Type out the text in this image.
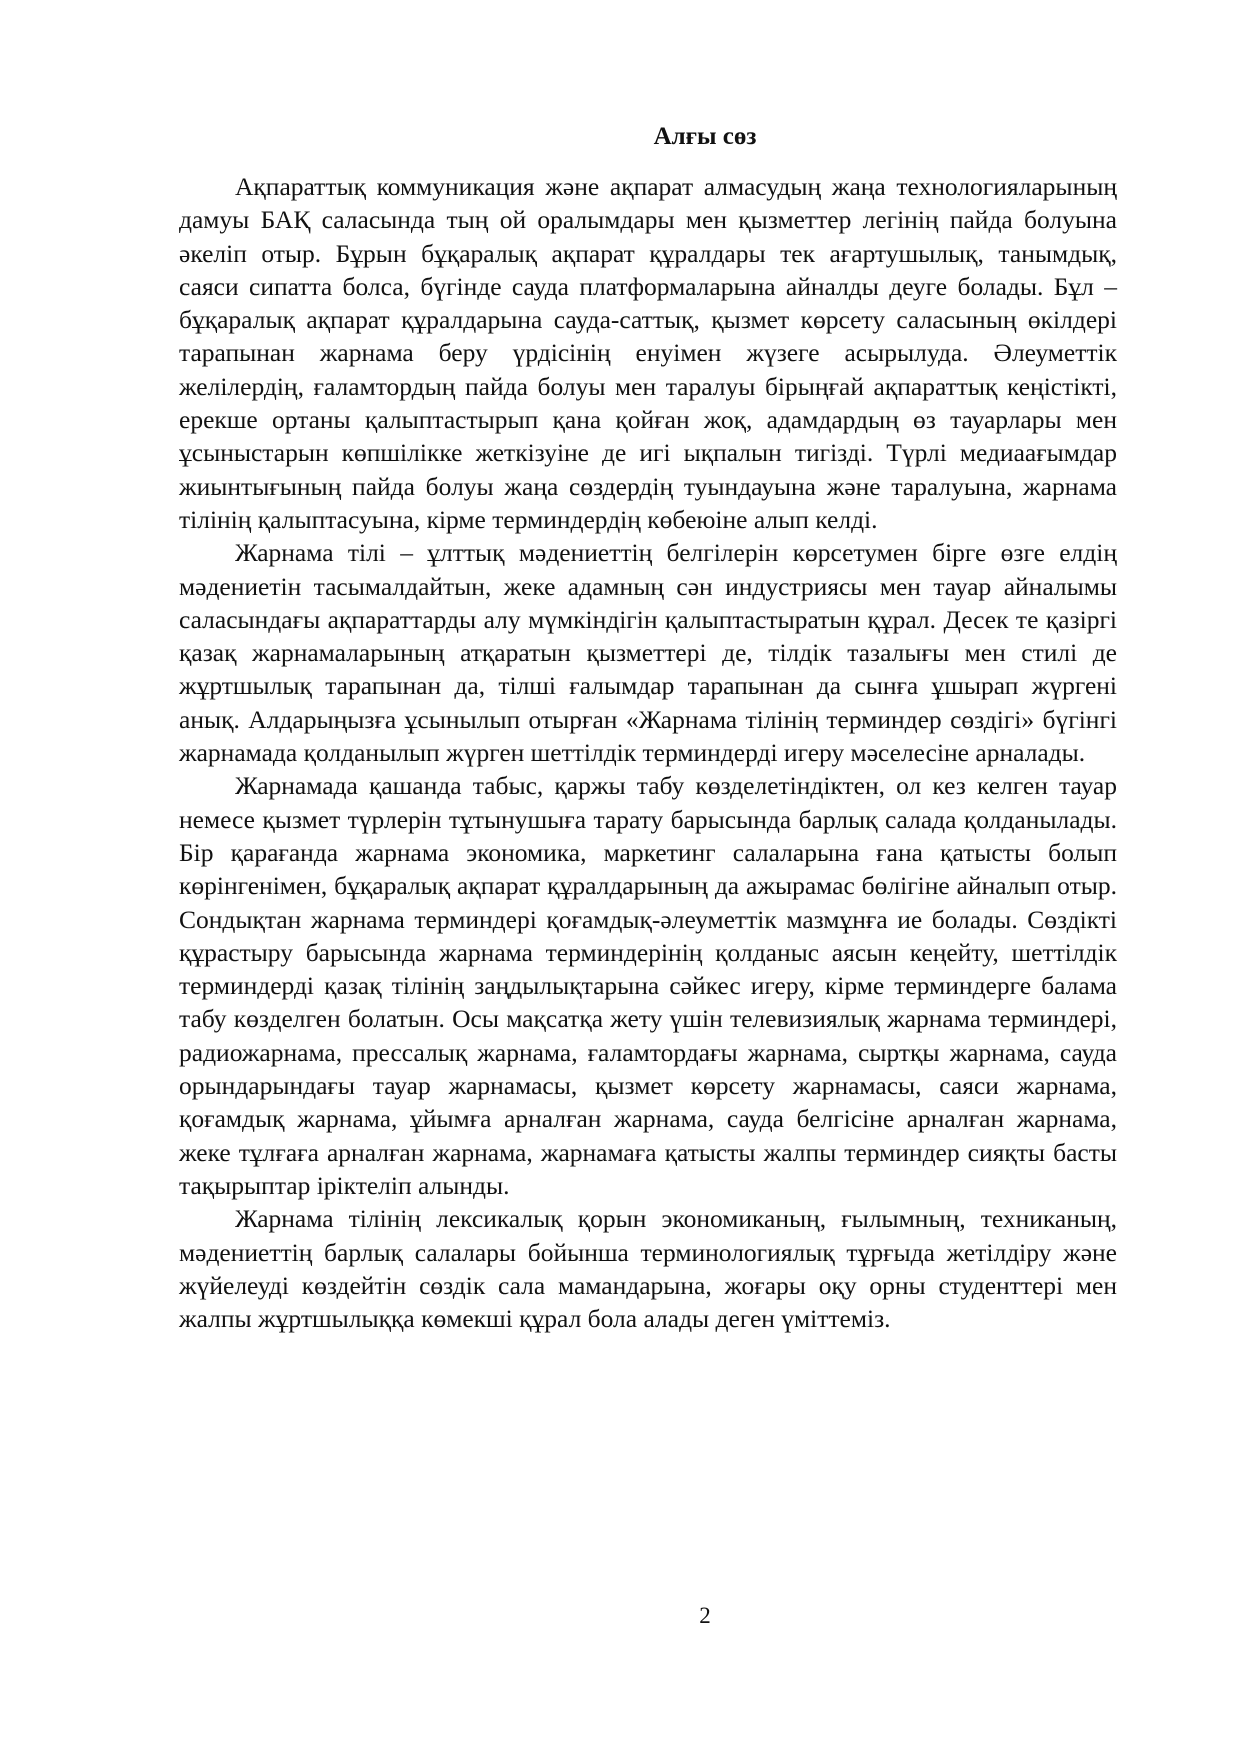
Алғы сөз

Ақпараттық коммуникация және ақпарат алмасудың жаңа технологияларының дамуы БАҚ саласында тың ой оралымдары мен қызметтер легінің пайда болуына әкеліп отыр. Бұрын бұқаралық ақпарат құралдары тек ағартушылық, танымдық, саяси сипатта болса, бүгінде сауда платформаларына айналды деуге болады. Бұл – бұқаралық ақпарат құралдарына сауда-саттық, қызмет көрсету саласының өкілдері тарапынан жарнама беру үрдісінің енуімен жүзеге асырылуда. Әлеуметтік желілердің, ғаламтордың пайда болуы мен таралуы бірыңғай ақпараттық кеңістікті, ерекше ортаны қалыптастырып қана қойған жоқ, адамдардың өз тауарлары мен ұсыныстарын көпшілікке жеткізуіне де игі ықпалын тигізді. Түрлі медиаағымдар жиынтығының пайда болуы жаңа сөздердің туындауына және таралуына, жарнама тілінің қалыптасуына, кірме терминдердің көбеюіне алып келді.

Жарнама тілі – ұлттық мәдениеттің белгілерін көрсетумен бірге өзге елдің мәдениетін тасымалдайтын, жеке адамның сән индустриясы мен тауар айналымы саласындағы ақпараттарды алу мүмкіндігін қалыптастыратын құрал. Десек те қазіргі қазақ жарнамаларының атқаратын қызметтері де, тілдік тазалығы мен стилі де жұртшылық тарапынан да, тілші ғалымдар тарапынан да сынға ұшырап жүргені анық. Алдарыңызға ұсынылып отырған «Жарнама тілінің терминдер сөздігі» бүгінгі жарнамада қолданылып жүрген шеттілдік терминдерді игеру мәселесіне арналады.

Жарнамада қашанда табыс, қаржы табу көзделетіндіктен, ол кез келген тауар немесе қызмет түрлерін тұтынушыға тарату барысында барлық салада қолданылады. Бір қарағанда жарнама экономика, маркетинг салаларына ғана қатысты болып көрінгенімен, бұқаралық ақпарат құралдарының да ажырамас бөлігіне айналып отыр. Сондықтан жарнама терминдері қоғамдық-әлеуметтік мазмұнға ие болады. Сөздікті құрастыру барысында жарнама терминдерінің қолданыс аясын кеңейту, шеттілдік терминдерді қазақ тілінің заңдылықтарына сәйкес игеру, кірме терминдерге балама табу көзделген болатын. Осы мақсатқа жету үшін телевизиялық жарнама терминдері, радиожарнама, прессалық жарнама, ғаламтордағы жарнама, сыртқы жарнама, сауда орындарындағы тауар жарнамасы, қызмет көрсету жарнамасы, саяси жарнама, қоғамдық жарнама, ұйымға арналған жарнама, сауда белгісіне арналған жарнама, жеке тұлғаға арналған жарнама, жарнамаға қатысты жалпы терминдер сияқты басты тақырыптар іріктеліп алынды.

Жарнама тілінің лексикалық қорын экономиканың, ғылымның, техниканың, мәдениеттің барлық салалары бойынша терминологиялық тұрғыда жетілдіру және жүйелеуді көздейтін сөздік сала мамандарына, жоғары оқу орны студенттері мен жалпы жұртшылыққа көмекші құрал бола алады деген үміттеміз.

2
